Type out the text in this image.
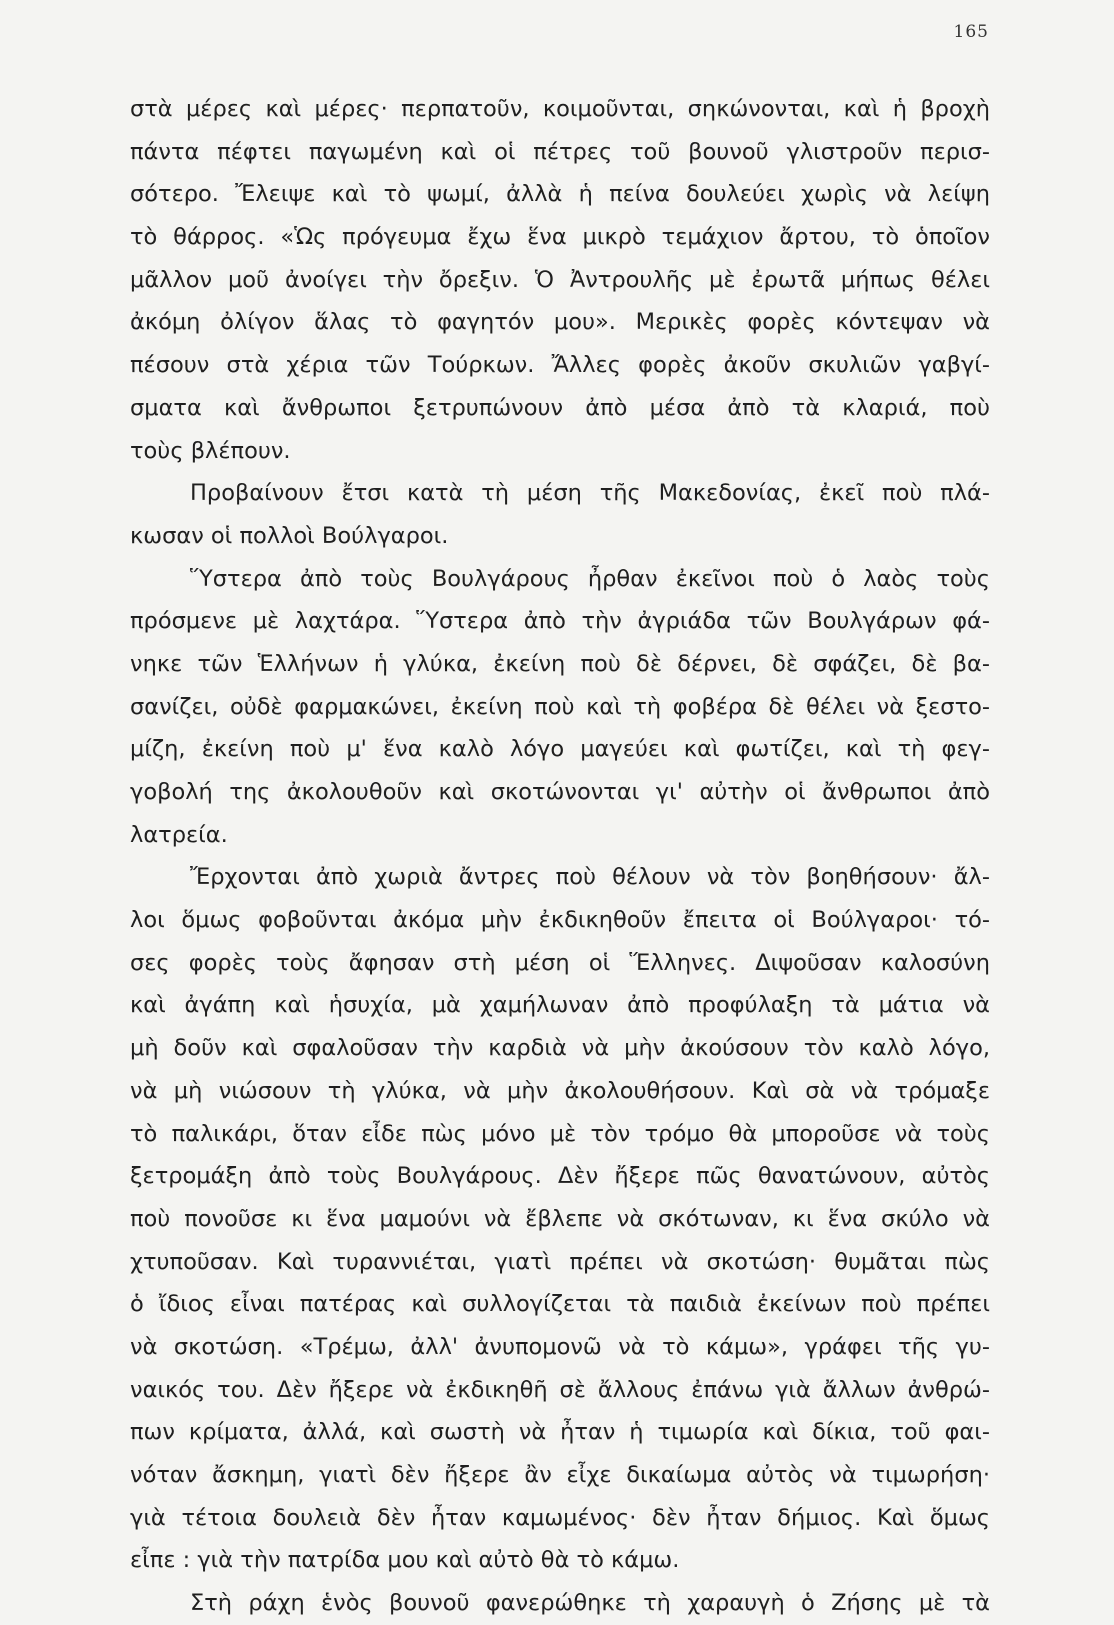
165
στὰ μέρες καὶ μέρες· περπατοῦν, κοιμοῦνται, σηκώνονται, καὶ ἡ βροχὴ
πάντα πέφτει παγωμένη καὶ οἱ πέτρες τοῦ βουνοῦ γλιστροῦν περισ-
σότερο. Ἔλειψε καὶ τὸ ψωμί, ἀλλὰ ἡ πείνα δουλεύει χωρὶς νὰ λείψη
τὸ θάρρος. «Ὡς πρόγευμα ἔχω ἕνα μικρὸ τεμάχιον ἄρτου, τὸ ὁποῖον
μᾶλλον μοῦ ἀνοίγει τὴν ὄρεξιν. Ὁ Ἀντρουλῆς μὲ ἐρωτᾶ μήπως θέλει
ἀκόμη ὀλίγον ἅλας τὸ φαγητόν μου». Μερικὲς φορὲς κόντεψαν νὰ
πέσουν στὰ χέρια τῶν Τούρκων. Ἄλλες φορὲς ἀκοῦν σκυλιῶν γαβγί-
σματα καὶ ἄνθρωποι ξετρυπώνουν ἀπὸ μέσα ἀπὸ τὰ κλαριά, ποὺ
τοὺς βλέπουν.
Προβαίνουν ἔτσι κατὰ τὴ μέση τῆς Μακεδονίας, ἐκεῖ ποὺ πλά-
κωσαν οἱ πολλοὶ Βούλγαροι.
Ὕστερα ἀπὸ τοὺς Βουλγάρους ἦρθαν ἐκεῖνοι ποὺ ὁ λαὸς τοὺς
πρόσμενε μὲ λαχτάρα. Ὕστερα ἀπὸ τὴν ἀγριάδα τῶν Βουλγάρων φά-
νηκε τῶν Ἑλλήνων ἡ γλύκα, ἐκείνη ποὺ δὲ δέρνει, δὲ σφάζει, δὲ βα-
σανίζει, οὐδὲ φαρμακώνει, ἐκείνη ποὺ καὶ τὴ φοβέρα δὲ θέλει νὰ ξεστο-
μίζη, ἐκείνη ποὺ μ' ἕνα καλὸ λόγο μαγεύει καὶ φωτίζει, καὶ τὴ φεγ-
γοβολή της ἀκολουθοῦν καὶ σκοτώνονται γι' αὐτὴν οἱ ἄνθρωποι ἀπὸ
λατρεία.
Ἔρχονται ἀπὸ χωριὰ ἄντρες ποὺ θέλουν νὰ τὸν βοηθήσουν· ἄλ-
λοι ὅμως φοβοῦνται ἀκόμα μὴν ἐκδικηθοῦν ἔπειτα οἱ Βούλγαροι· τό-
σες φορὲς τοὺς ἄφησαν στὴ μέση οἱ Ἕλληνες. Διψοῦσαν καλοσύνη
καὶ ἀγάπη καὶ ἡσυχία, μὰ χαμήλωναν ἀπὸ προφύλαξη τὰ μάτια νὰ
μὴ δοῦν καὶ σφαλοῦσαν τὴν καρδιὰ νὰ μὴν ἀκούσουν τὸν καλὸ λόγο,
νὰ μὴ νιώσουν τὴ γλύκα, νὰ μὴν ἀκολουθήσουν. Καὶ σὰ νὰ τρόμαξε
τὸ παλικάρι, ὅταν εἶδε πὼς μόνο μὲ τὸν τρόμο θὰ μποροῦσε νὰ τοὺς
ξετρομάξη ἀπὸ τοὺς Βουλγάρους. Δὲν ἤξερε πῶς θανατώνουν, αὐτὸς
ποὺ πονοῦσε κι ἕνα μαμούνι νὰ ἔβλεπε νὰ σκότωναν, κι ἕνα σκύλο νὰ
χτυποῦσαν. Καὶ τυραννιέται, γιατὶ πρέπει νὰ σκοτώση· θυμᾶται πὼς
ὁ ἴδιος εἶναι πατέρας καὶ συλλογίζεται τὰ παιδιὰ ἐκείνων ποὺ πρέπει
νὰ σκοτώση. «Τρέμω, ἀλλ' ἀνυπομονῶ νὰ τὸ κάμω», γράφει τῆς γυ-
ναικός του. Δὲν ἤξερε νὰ ἐκδικηθῆ σὲ ἄλλους ἐπάνω γιὰ ἄλλων ἀνθρώ-
πων κρίματα, ἀλλά, καὶ σωστὴ νὰ ἦταν ἡ τιμωρία καὶ δίκια, τοῦ φαι-
νόταν ἄσκημη, γιατὶ δὲν ἤξερε ἂν εἶχε δικαίωμα αὐτὸς νὰ τιμωρήση·
γιὰ τέτοια δουλειὰ δὲν ἦταν καμωμένος· δὲν ἦταν δήμιος. Καὶ ὅμως
εἶπε : γιὰ τὴν πατρίδα μου καὶ αὐτὸ θὰ τὸ κάμω.
Στὴ ράχη ἑνὸς βουνοῦ φανερώθηκε τὴ χαραυγὴ ὁ Ζήσης μὲ τὰ
